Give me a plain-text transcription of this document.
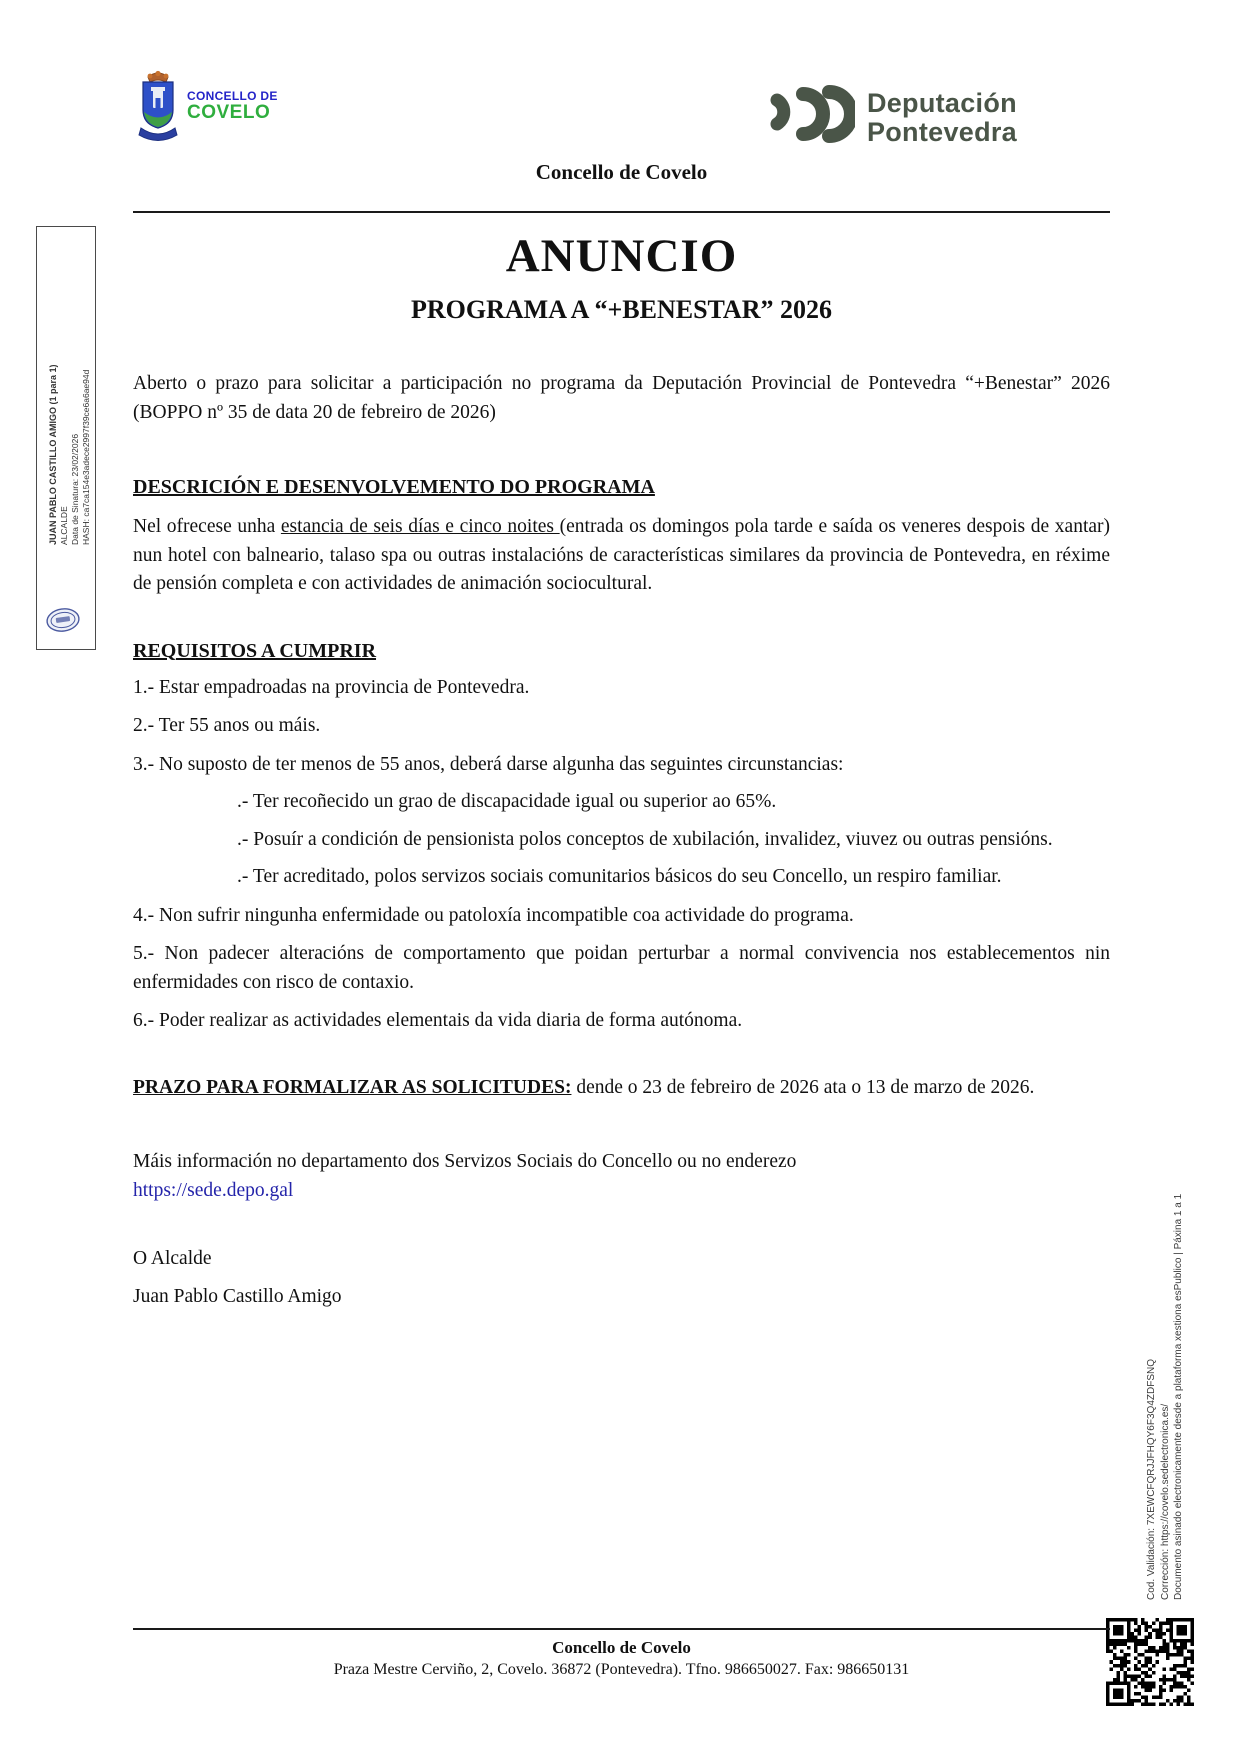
JUAN PABLO CASTILLO AMIGO (1 para 1) ALCALDE Data de Sinatura: 23/02/2026 HASH: ca7ca154e3adece2997f39ce6a6ae94d
Cod. Validación: 7XEWCFQRJJFHQY6F3Q4ZDFSNQ Corrección: https://covelo.sedelectronica.es/ Documento asinado electronicamente desde a plataforma xestiona esPublico | Páxina 1 a 1
CONCELLO DE
COVELO	Deputación
Pontevedra
Concello de Covelo
ANUNCIO
PROGRAMA A “+BENESTAR” 2026

Aberto o prazo para solicitar a participación no programa da Deputación Provincial de Pontevedra “+Benestar” 2026 (BOPPO nº 35 de data 20 de febreiro de 2026)

DESCRICIÓN E DESENVOLVEMENTO DO PROGRAMA

Nel ofrecese unha estancia de seis días e cinco noites (entrada os domingos pola tarde e saída os veneres despois de xantar) nun hotel con balneario, talaso spa ou outras instalacións de características similares da provincia de Pontevedra, en réxime de pensión completa e con actividades de animación sociocultural.

REQUISITOS A CUMPRIR

1.- Estar empadroadas na provincia de Pontevedra.

2.- Ter 55 anos ou máis.

3.- No suposto de ter menos de 55 anos, deberá darse algunha das seguintes circunstancias:

.- Ter recoñecido un grao de discapacidade igual ou superior ao 65%.

.- Posuír a condición de pensionista polos conceptos de xubilación, invalidez, viuvez ou outras pensións.

.- Ter acreditado, polos servizos sociais comunitarios básicos do seu Concello, un respiro familiar.

4.- Non sufrir ningunha enfermidade ou patoloxía incompatible coa actividade do programa.

5.- Non padecer alteracións de comportamento que poidan perturbar a normal convivencia nos establecementos nin enfermidades con risco de contaxio.

6.- Poder realizar as actividades elementais da vida diaria de forma autónoma.

PRAZO PARA FORMALIZAR AS SOLICITUDES: dende o 23 de febreiro de 2026 ata o 13 de marzo de 2026.

Máis información no departamento dos Servizos Sociais do Concello ou no enderezo
https://sede.depo.gal

O Alcalde

Juan Pablo Castillo Amigo

Concello de Covelo
Praza Mestre Cerviño, 2, Covelo. 36872 (Pontevedra). Tfno. 986650027. Fax: 986650131
